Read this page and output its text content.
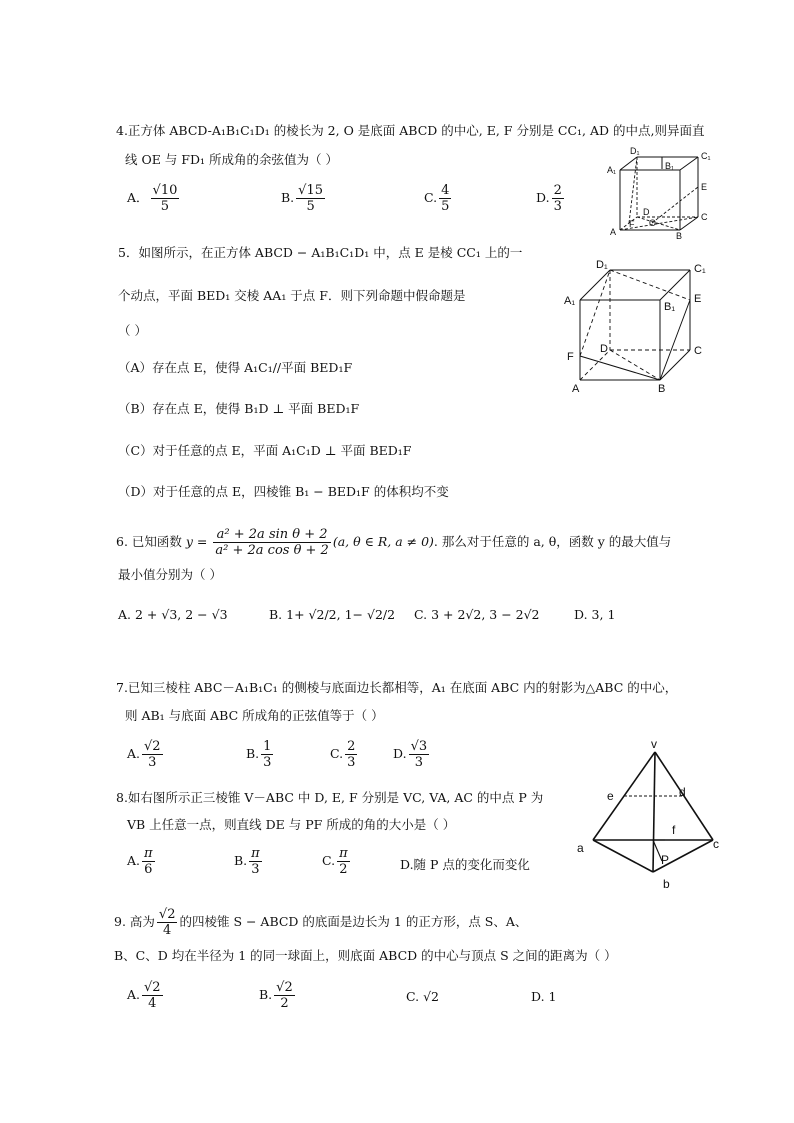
4.正方体 ABCD-A₁B₁C₁D₁ 的棱长为 2, O 是底面 ABCD 的中心, E, F 分别是 CC₁, AD 的中点,则异面直
线 OE 与 FD₁ 所成角的余弦值为（ ）
A． $\frac{√10}{5}$	B. $\frac{√15}{5}$	C. $\frac{4}{5}$	D. $\frac{2}{3}$
D₁
B₁
C₁
A₁
E
C
D
A
F O
B
5．如图所示，在正方体 ABCD − A₁B₁C₁D₁ 中，点 E 是棱 CC₁ 上的一
个动点，平面 BED₁ 交棱 AA₁ 于点 F．则下列命题中假命题是
（ ）
（A）存在点 E，使得 A₁C₁//平面 BED₁F
（B）存在点 E，使得 B₁D ⊥ 平面 BED₁F
（C）对于任意的点 E，平面 A₁C₁D ⊥ 平面 BED₁F
（D）对于任意的点 E，四棱锥 B₁ − BED₁F 的体积均不变
D₁	C₁
A₁	B₁
E
D	C
F
A	B
6. 已知函数 $y = \frac{\text{a² + 2a sin θ + 2}}{\text{a² + 2a cos θ + 2}} (a$, θ ∈ R, a ≠ 0). 那么对于任意的 a, θ，函数 y 的最大值与
最小值分别为（ ）
A. 2 + √3, 2 − √3	B. 1+ √2/2, 1− √2/2 C. 3 + 2√2, 3 − 2√2	D. 3, 1
7.已知三棱柱 ABC－A₁B₁C₁ 的侧棱与底面边长都相等，A₁ 在底面 ABC 内的射影为△ABC 的中心，
则 AB₁ 与底面 ABC 所成角的正弦值等于（ ）
A. $\frac{√2}{3}$	B. $\frac{1}{3}$	C. $\frac{2}{3}$	D. $\frac{√3}{3}$
8.如右图所示正三棱锥 V－ABC 中 D, E, F 分别是 VC, VA, AC 的中点 P 为
VB 上任意一点，则直线 DE 与 PF 所成的角的大小是（ ）
A. $\frac{\pi}{6}$	B. $\frac{\pi}{3}$	C. $\frac{\pi}{2}$	D.随 P 点的变化而变化
v
e	d
f
a	c
P
b
9. 高为 $\frac{√2}{4}$ 的四棱锥 S − ABCD 的底面是边长为 1 的正方形，点 S、A、
B、C、D 均在半径为 1 的同一球面上，则底面 ABCD 的中心与顶点 S 之间的距离为（ ）
A. $\frac{√2}{4}$	B. $\frac{√2}{2}$	C. √2	D. 1
